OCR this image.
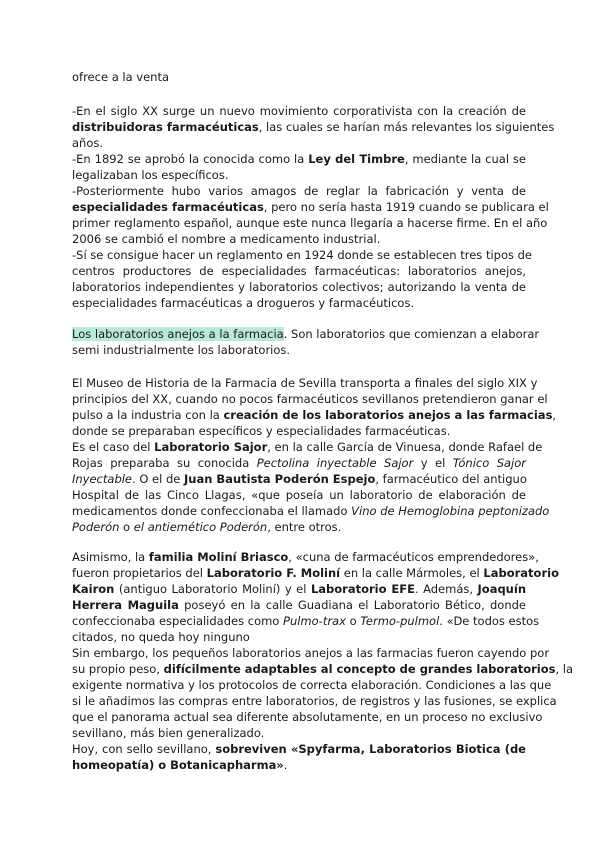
ofrece a la venta

-En el siglo XX surge un nuevo movimiento corporativista con la creación de
distribuidoras farmacéuticas, las cuales se harían más relevantes los siguientes
años.
-En 1892 se aprobó la conocida como la Ley del Timbre, mediante la cual se
legalizaban los específicos.
-Posteriormente hubo varios amagos de reglar la fabricación y venta de
especialidades farmacéuticas, pero no sería hasta 1919 cuando se publicara el
primer reglamento español, aunque este nunca llegaría a hacerse firme. En el año
2006 se cambió el nombre a medicamento industrial.
-Sí se consigue hacer un reglamento en 1924 donde se establecen tres tipos de
centros productores de especialidades farmacéuticas: laboratorios anejos,
laboratorios independientes y laboratorios colectivos; autorizando la venta de
especialidades farmacéuticas a drogueros y farmacéuticos.
Los laboratorios anejos a la farmacia. Son laboratorios que comienzan a elaborar
semi industrialmente los laboratorios.
El Museo de Historia de la Farmacia de Sevilla transporta a finales del siglo XIX y
principios del XX, cuando no pocos farmacéuticos sevillanos pretendieron ganar el
pulso a la industria con la creación de los laboratorios anejos a las farmacias,
donde se preparaban específicos y especialidades farmacéuticas.
Es el caso del Laboratorio Sajor, en la calle García de Vinuesa, donde Rafael de
Rojas preparaba su conocida Pectolina inyectable Sajor y el Tónico Sajor
Inyectable. O el de Juan Bautista Poderón Espejo, farmacéutico del antiguo
Hospital de las Cinco Llagas, «que poseía un laboratorio de elaboración de
medicamentos donde confeccionaba el llamado Vino de Hemoglobina peptonizado
Poderón o el antiemético Poderón, entre otros.
Asimismo, la familia Moliní Briasco, «cuna de farmacéuticos emprendedores»,
fueron propietarios del Laboratorio F. Moliní en la calle Mármoles, el Laboratorio
Kairon (antiguo Laboratorio Moliní) y el Laboratorio EFE. Además, Joaquín
Herrera Maguila poseyó en la calle Guadiana el Laboratorio Bético, donde
confeccionaba especialidades como Pulmo-trax o Termo-pulmol. «De todos estos
citados, no queda hoy ninguno
Sin embargo, los pequeños laboratorios anejos a las farmacias fueron cayendo por
su propio peso, difícilmente adaptables al concepto de grandes laboratorios, la
exigente normativa y los protocolos de correcta elaboración. Condiciones a las que
si le añadimos las compras entre laboratorios, de registros y las fusiones, se explica
que el panorama actual sea diferente absolutamente, en un proceso no exclusivo
sevillano, más bien generalizado.
Hoy, con sello sevillano, sobreviven «Spyfarma, Laboratorios Biotica (de
homeopatía) o Botanicapharma».
